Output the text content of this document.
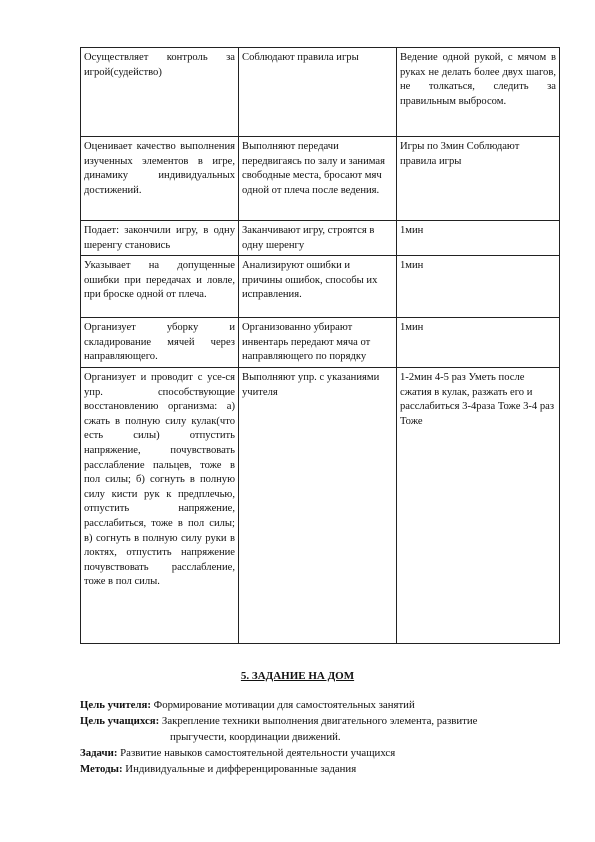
Осуществляет контроль за игрой(судейство)	Соблюдают правила игры	Ведение одной рукой, с мячом в руках не делать более двух шагов, не толкаться, следить за правильным выбросом.
Оценивает качество выполнения изученных элементов в игре, динамику индивидуальных достижений.	Выполняют передачи передвигаясь по залу и занимая свободные места, бросают мяч одной от плеча после ведения.	Игры по 3мин Соблюдают правила игры
Подает: закончили игру, в одну шеренгу становись	Заканчивают игру, строятся в одну шеренгу	1мин
Указывает на допущенные ошибки при передачах и ловле, при броске одной от плеча.	Анализируют ошибки и причины ошибок, способы их исправления.	1мин
Организует уборку и складирование мячей через направляющего.	Организованно убирают инвентарь передают мяча от направляющего по порядку	1мин
Организует и проводит с уcе-ся упр. способствующие восстановлению организма: а) сжать в полную силу кулак(что есть силы) отпустить напряжение, почувствовать расслабление пальцев, тоже в пол силы; б) согнуть в полную силу кисти рук к предплечью, отпустить напряжение, расслабиться, тоже в пол силы; в) согнуть в полную силу руки в локтях, отпустить напряжение почувствовать расслабление, тоже в пол силы.	Выполняют упр. с указаниями учителя	1-2мин 4-5 раз Уметь после сжатия в кулак, разжать его и расслабиться 3-4раза Тоже 3-4 раз Тоже
5. ЗАДАНИЕ НА ДОМ
Цель учителя: Формирование мотивации для самостоятельных занятий
Цель учащихся: Закрепление техники выполнения двигательного элемента, развитие
прыгучести, координации движений.
Задачи: Развитие навыков самостоятельной деятельности учащихся
Методы: Индивидуальные и дифференцированные задания
